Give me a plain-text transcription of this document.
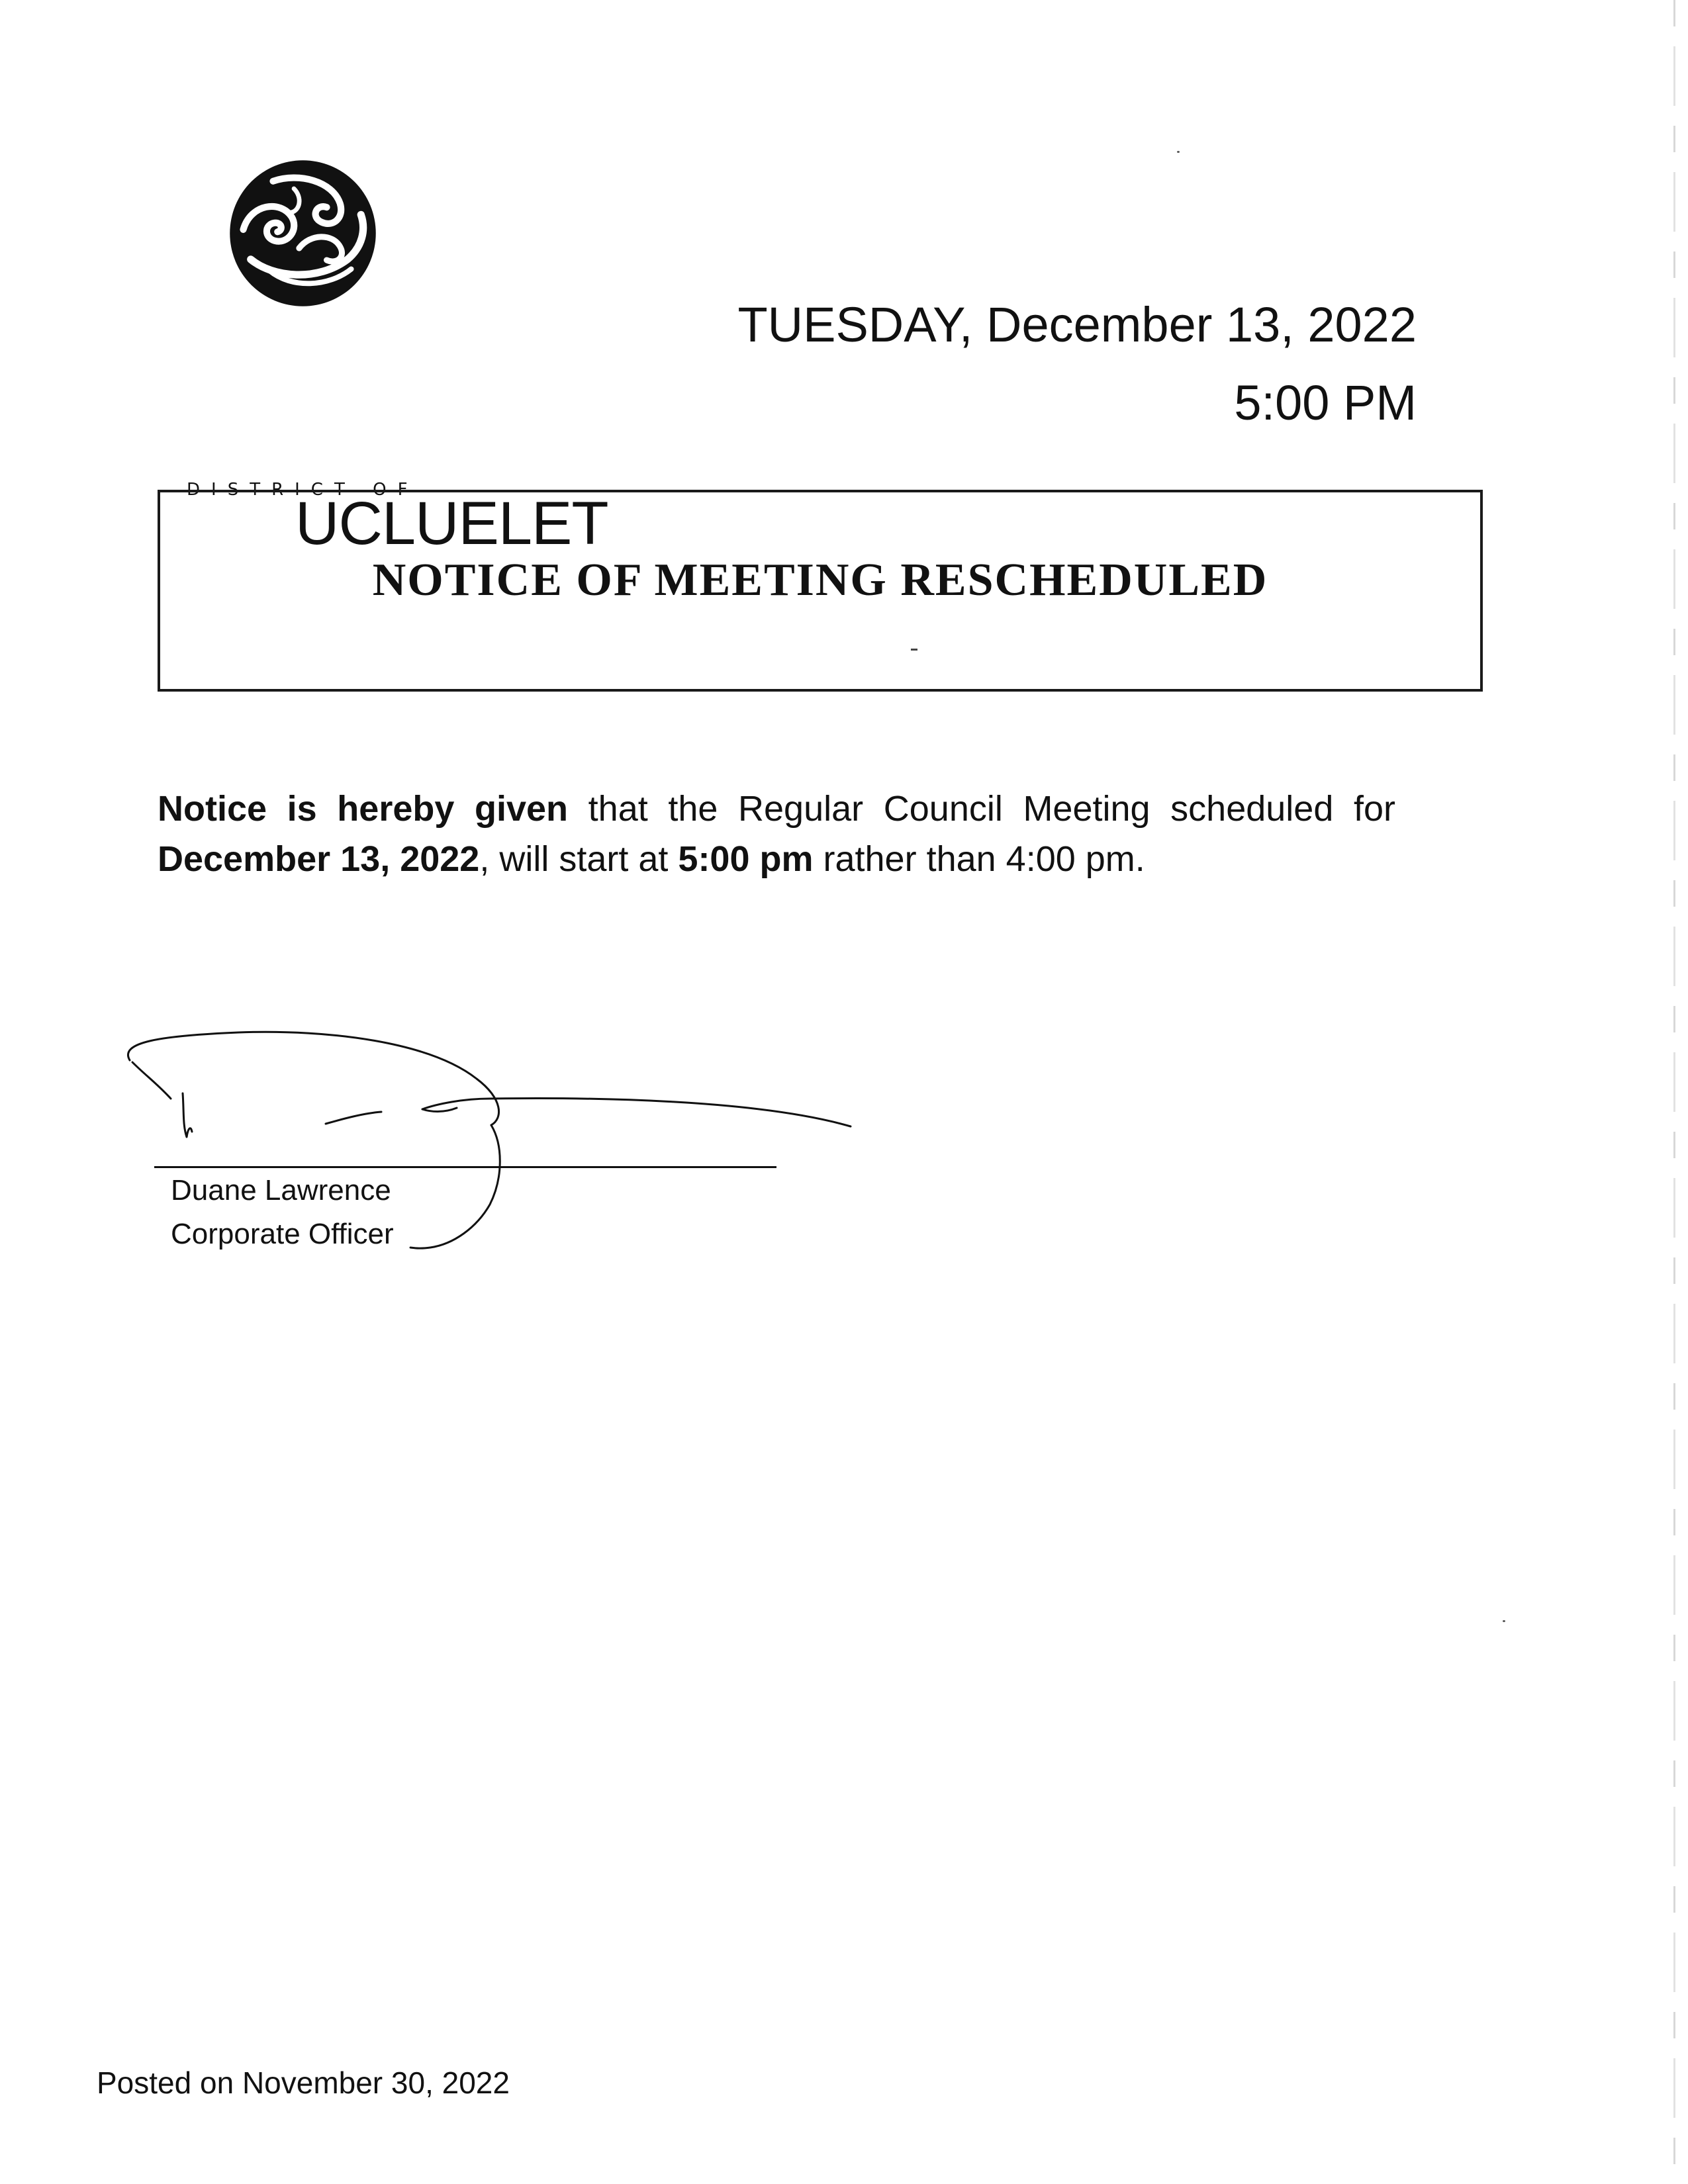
DISTRICT OF
UCLUELET
TUESDAY, December 13, 2022
5:00 PM
NOTICE OF MEETING RESCHEDULED

Notice is hereby given that the Regular Council Meeting scheduled for December 13, 2022, will start at 5:00 pm rather than 4:00 pm.

Duane Lawrence
Corporate Officer
Posted on November 30, 2022
